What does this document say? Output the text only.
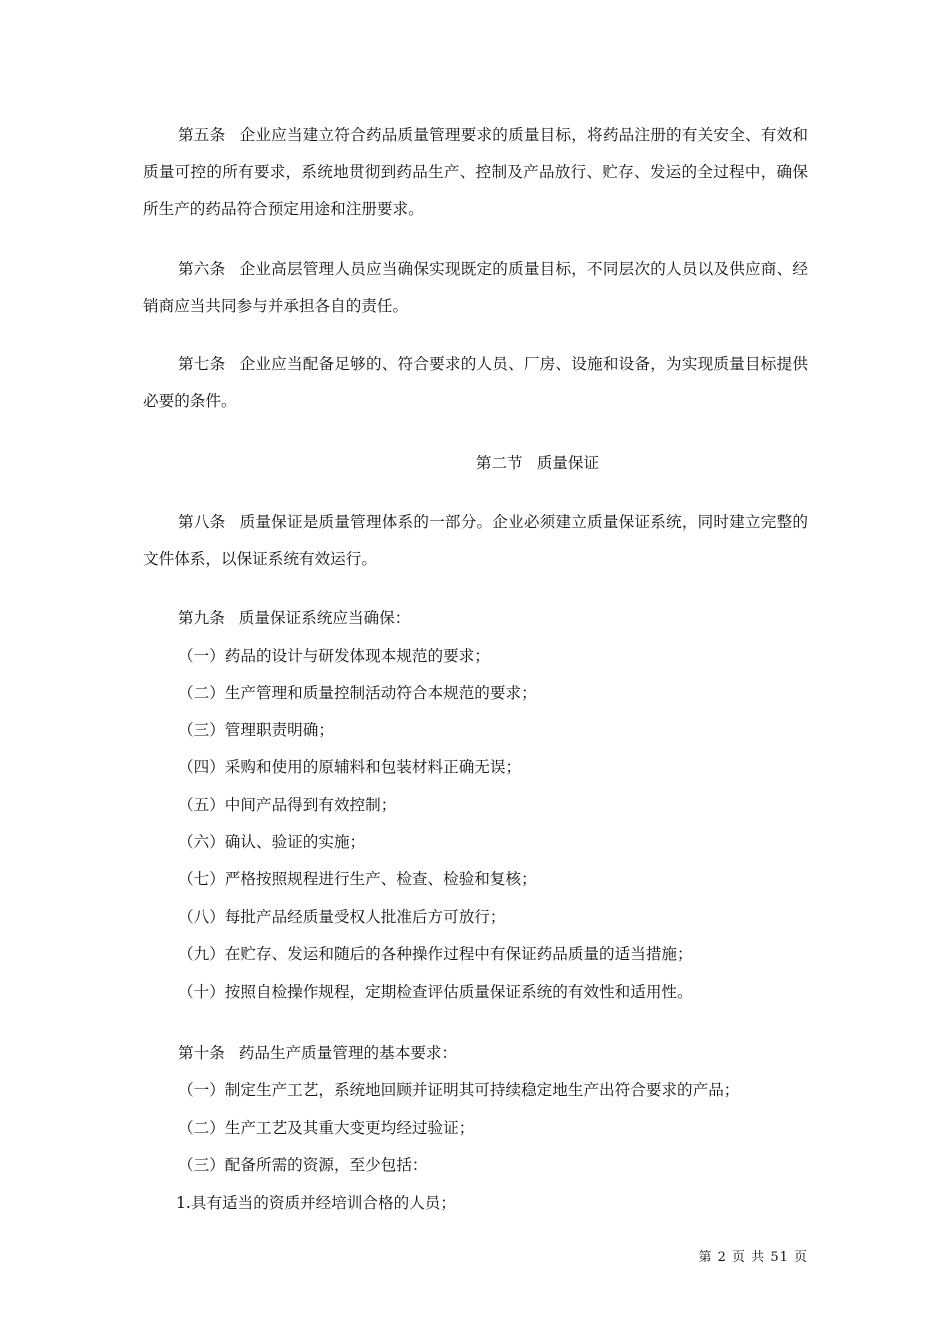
第五条 企业应当建立符合药品质量管理要求的质量目标，将药品注册的有关安全、有效和质量可控的所有要求，系统地贯彻到药品生产、控制及产品放行、贮存、发运的全过程中，确保所生产的药品符合预定用途和注册要求。

第六条 企业高层管理人员应当确保实现既定的质量目标，不同层次的人员以及供应商、经销商应当共同参与并承担各自的责任。

第七条 企业应当配备足够的、符合要求的人员、厂房、设施和设备，为实现质量目标提供必要的条件。

第二节 质量保证

第八条 质量保证是质量管理体系的一部分。企业必须建立质量保证系统，同时建立完整的文件体系，以保证系统有效运行。

第九条 质量保证系统应当确保：

（一）药品的设计与研发体现本规范的要求；

（二）生产管理和质量控制活动符合本规范的要求；

（三）管理职责明确；

（四）采购和使用的原辅料和包装材料正确无误；

（五）中间产品得到有效控制；

（六）确认、验证的实施；

（七）严格按照规程进行生产、检查、检验和复核；

（八）每批产品经质量受权人批准后方可放行；

（九）在贮存、发运和随后的各种操作过程中有保证药品质量的适当措施；

（十）按照自检操作规程，定期检查评估质量保证系统的有效性和适用性。

第十条 药品生产质量管理的基本要求：

（一）制定生产工艺，系统地回顾并证明其可持续稳定地生产出符合要求的产品；

（二）生产工艺及其重大变更均经过验证；

（三）配备所需的资源，至少包括：

1.具有适当的资质并经培训合格的人员；

第 2 页 共 51 页
